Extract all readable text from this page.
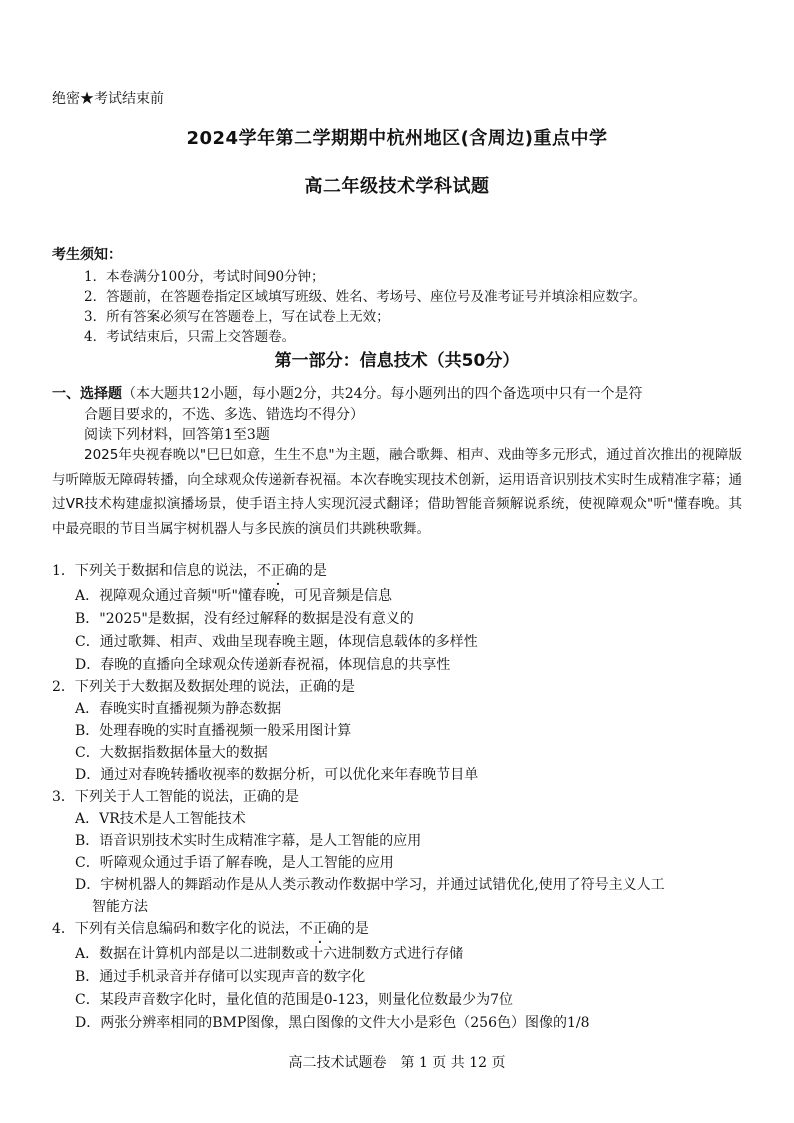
绝密★考试结束前
2024学年第二学期期中杭州地区(含周边)重点中学
高二年级技术学科试题
考生须知：
1．本卷满分100分，考试时间90分钟；
2．答题前，在答题卷指定区域填写班级、姓名、考场号、座位号及准考证号并填涂相应数字。
3．所有答案必须写在答题卷上，写在试卷上无效；
4．考试结束后，只需上交答题卷。
第一部分：信息技术（共50分）
一、选择题（本大题共12小题，每小题2分，共24分。每小题列出的四个备选项中只有一个是符
合题目要求的，不选、多选、错选均不得分）
阅读下列材料，回答第1至3题
2025年央视春晚以"巳巳如意，生生不息"为主题，融合歌舞、相声、戏曲等多元形式，通过首次推出的视障版与听障版无障碍转播，向全球观众传递新春祝福。本次春晚实现技术创新，运用语音识别技术实时生成精准字幕；通过VR技术构建虚拟演播场景，使手语主持人实现沉浸式翻译；借助智能音频解说系统，使视障观众"听"懂春晚。其中最亮眼的节目当属宇树机器人与多民族的演员们共跳秧歌舞。
1．下列关于数据和信息的说法，不正确的是
A．视障观众通过音频"听"懂春晚，可见音频是信息
B．"2025"是数据，没有经过解释的数据是没有意义的
C．通过歌舞、相声、戏曲呈现春晚主题，体现信息载体的多样性
D．春晚的直播向全球观众传递新春祝福，体现信息的共享性
2．下列关于大数据及数据处理的说法，正确的是
A．春晚实时直播视频为静态数据
B．处理春晚的实时直播视频一般采用图计算
C．大数据指数据体量大的数据
D．通过对春晚转播收视率的数据分析，可以优化来年春晚节目单
3．下列关于人工智能的说法，正确的是
A．VR技术是人工智能技术
B．语音识别技术实时生成精准字幕，是人工智能的应用
C．听障观众通过手语了解春晚，是人工智能的应用
D．宇树机器人的舞蹈动作是从人类示教动作数据中学习，并通过试错优化,使用了符号主义人工
智能方法
4．下列有关信息编码和数字化的说法，不正确的是
A．数据在计算机内部是以二进制数或十六进制数方式进行存储
B．通过手机录音并存储可以实现声音的数字化
C．某段声音数字化时，量化值的范围是0-123，则量化位数最少为7位
D．两张分辨率相同的BMP图像，黑白图像的文件大小是彩色（256色）图像的1/8
高二技术试题卷　第 1 页 共 12 页
